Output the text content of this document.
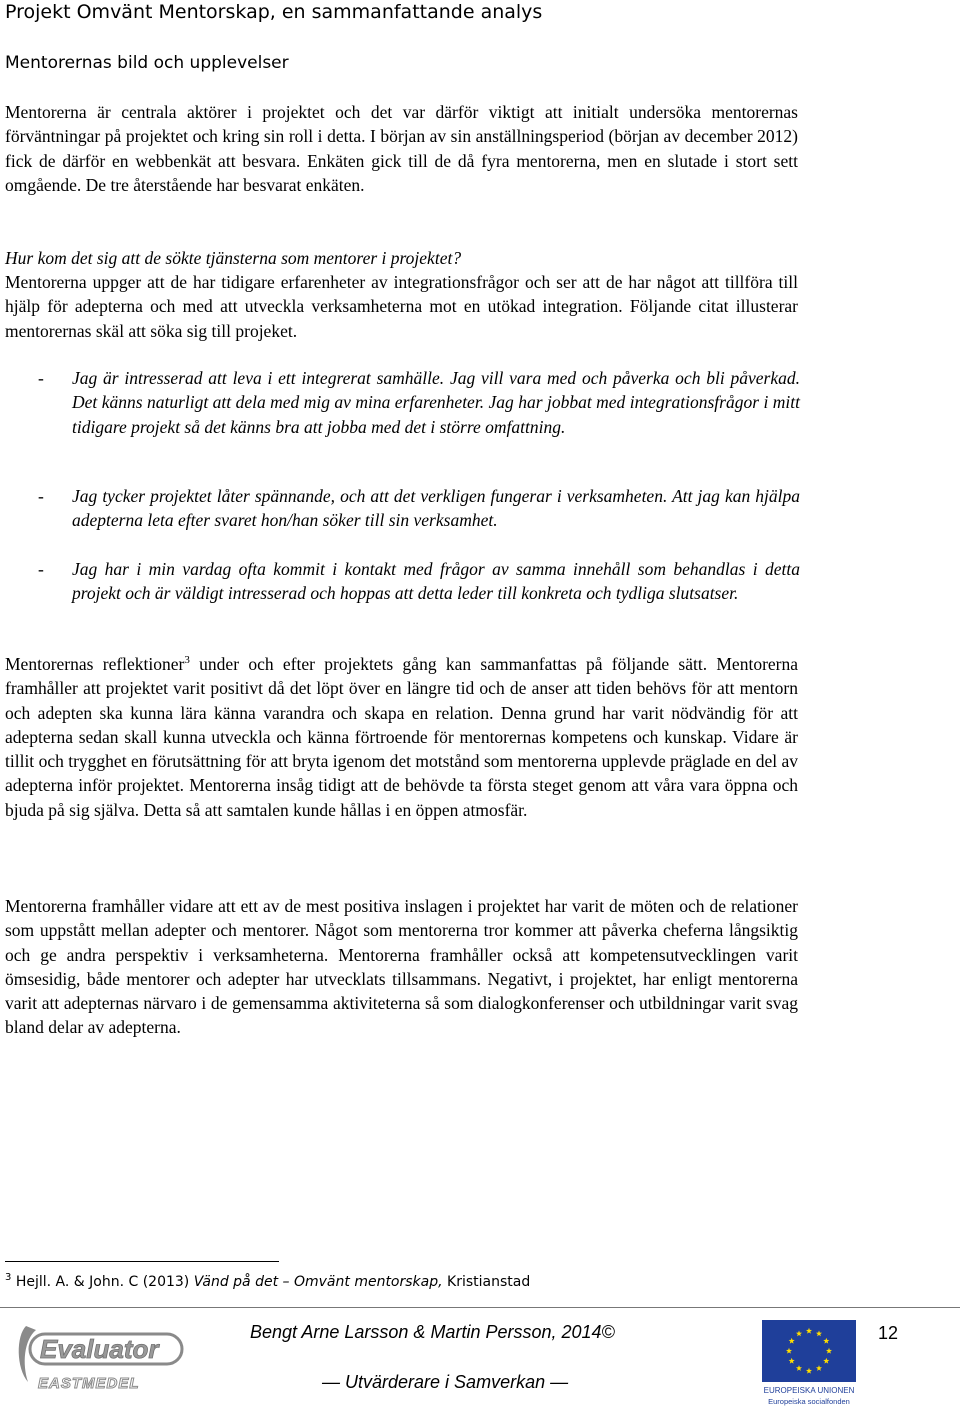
Projekt Omvänt Mentorskap, en sammanfattande analys
Mentorernas bild och upplevelser
Mentorerna är centrala aktörer i projektet och det var därför viktigt att initialt undersöka mentorernas förväntningar på projektet och kring sin roll i detta. I början av sin anställningsperiod (början av december 2012) fick de därför en webbenkät att besvara. Enkäten gick till de då fyra mentorerna, men en slutade i stort sett omgående. De tre återstående har besvarat enkäten.
Hur kom det sig att de sökte tjänsterna som mentorer i projektet?
Mentorerna uppger att de har tidigare erfarenheter av integrationsfrågor och ser att de har något att tillföra till hjälp för adepterna och med att utveckla verksamheterna mot en utökad integration. Följande citat illusterar mentorernas skäl att söka sig till projeket.
- Jag är intresserad att leva i ett integrerat samhälle. Jag vill vara med och påverka och bli påverkad. Det känns naturligt att dela med mig av mina erfarenheter. Jag har jobbat med integrationsfrågor i mitt tidigare projekt så det känns bra att jobba med det i större omfattning.
- Jag tycker projektet låter spännande, och att det verkligen fungerar i verksamheten. Att jag kan hjälpa adepterna leta efter svaret hon/han söker till sin verksamhet.
- Jag har i min vardag ofta kommit i kontakt med frågor av samma innehåll som behandlas i detta projekt och är väldigt intresserad och hoppas att detta leder till konkreta och tydliga slutsatser.
Mentorernas reflektioner$^3$ under och efter projektets gång kan sammanfattas på följande sätt. Mentorerna framhåller att projektet varit positivt då det löpt över en längre tid och de anser att tiden behövs för att mentorn och adepten ska kunna lära känna varandra och skapa en relation. Denna grund har varit nödvändig för att adepterna sedan skall kunna utveckla och känna förtroende för mentorernas kompetens och kunskap. Vidare är tillit och trygghet en förutsättning för att bryta igenom det motstånd som mentorerna upplevde präglade en del av adepterna inför projektet. Mentorerna insåg tidigt att de behövde ta första steget genom att våra vara öppna och bjuda på sig själva. Detta så att samtalen kunde hållas i en öppen atmosfär.
Mentorerna framhåller vidare att ett av de mest positiva inslagen i projektet har varit de möten och de relationer som uppstått mellan adepter och mentorer. Något som mentorerna tror kommer att påverka cheferna långsiktig och ge andra perspektiv i verksamheterna. Mentorerna framhåller också att kompetensutvecklingen varit ömsesidig, både mentorer och adepter har utvecklats tillsammans. Negativt, i projektet, har enligt mentorerna varit att adepternas närvaro i de gemensamma aktiviteterna så som dialogkonferenser och utbildningar varit svag bland delar av adepterna.
$^3$ Hejll. A. & John. C (2013) Vänd på det – Omvänt mentorskap, Kristianstad
Evaluator
EASTMEDEL
Bengt Arne Larsson & Martin Persson, 2014©
— Utvärderare i Samverkan —
12
EUROPEISKA UNIONEN
Europeiska socialfonden
